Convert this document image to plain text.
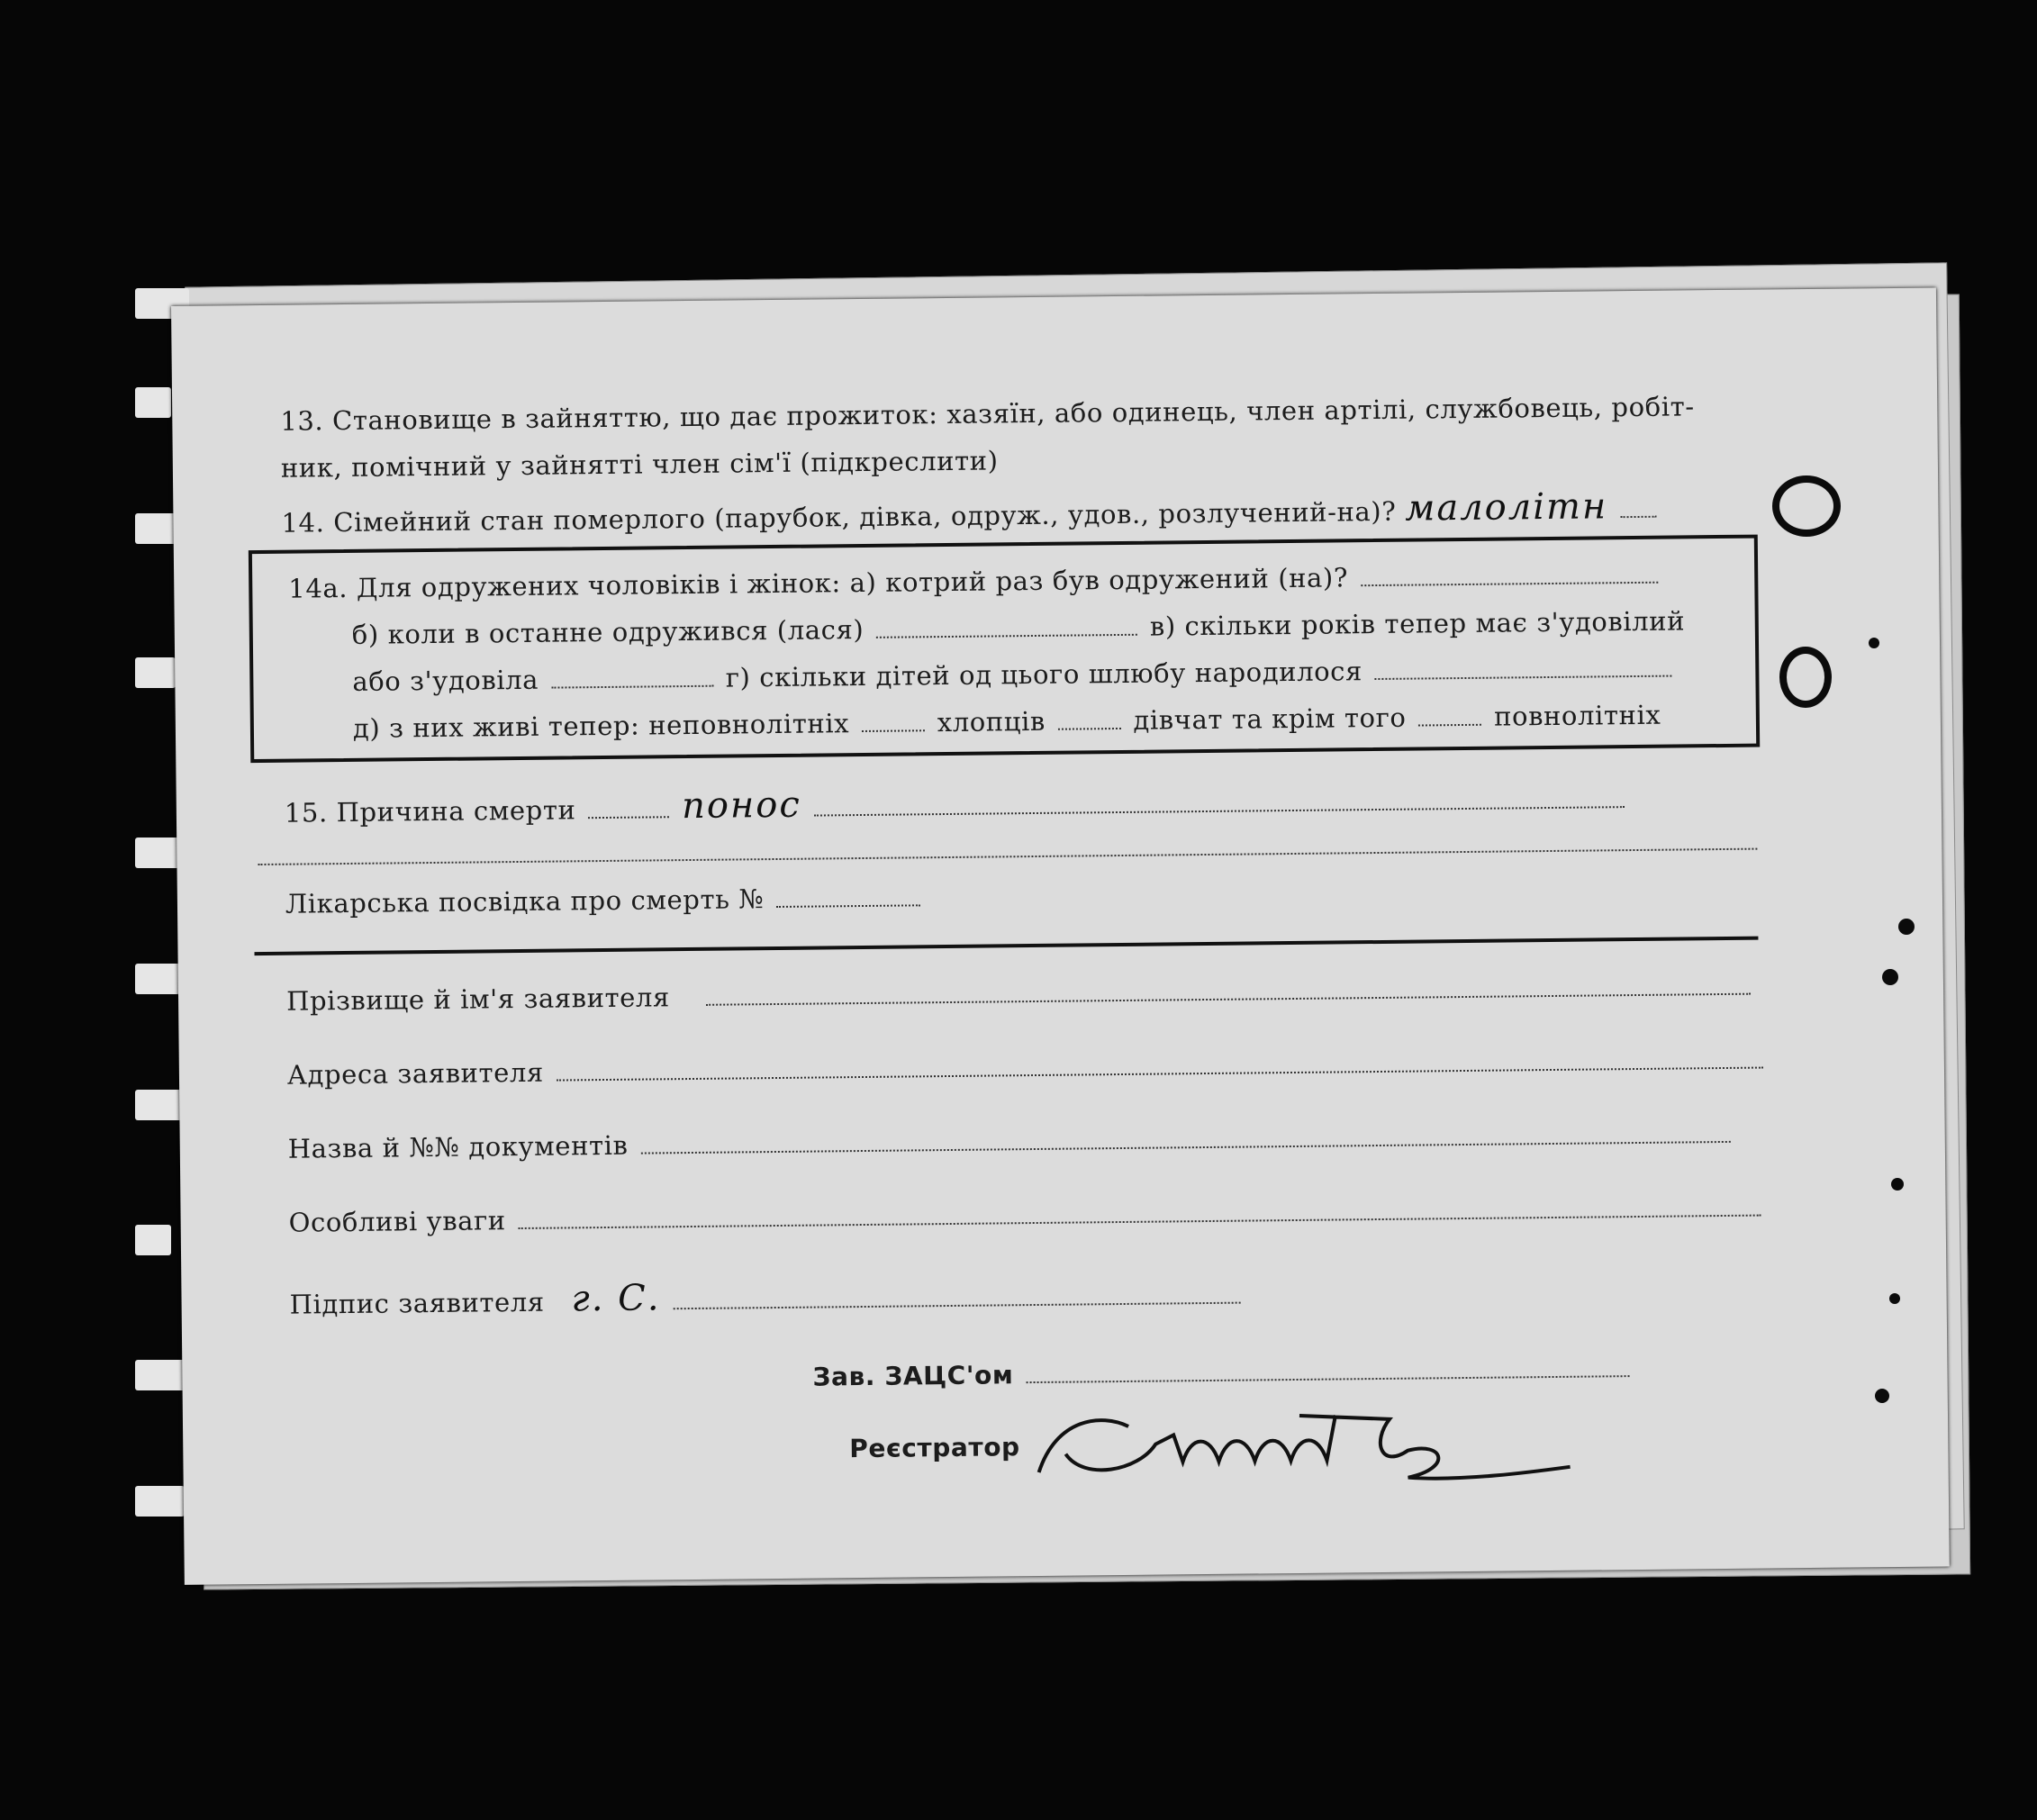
13. Становище в зайняттю, що дає прожиток: хазяїн, або одинець, член артілі, службовець, робіт-
ник, помічний у зайнятті член сім'ї (підкреслити)
14. Сімейний стан померлого (парубок, дівка, одруж., удов., розлучений-на)? малолітн
14а. Для одружених чоловіків і жінок: а) котрий раз був одружений (на)?
б) коли в останне одружився (лася)	в) скільки років тепер має з'удовілий
або з'удовіла	г) скільки дітей од цього шлюбу народилося
д) з них живі тепер: неповнолітніх	хлопців	дівчат та крім того	повнолітніх
15. Причина смерти	понос
Лікарська посвідка про смерть №
Прізвище й ім'я заявителя
Адреса заявителя
Назва й №№ документів
Особливі уваги
Підпис заявителя г. С.
Зав. ЗАЦС'ом
Реєстратор
Стопч
